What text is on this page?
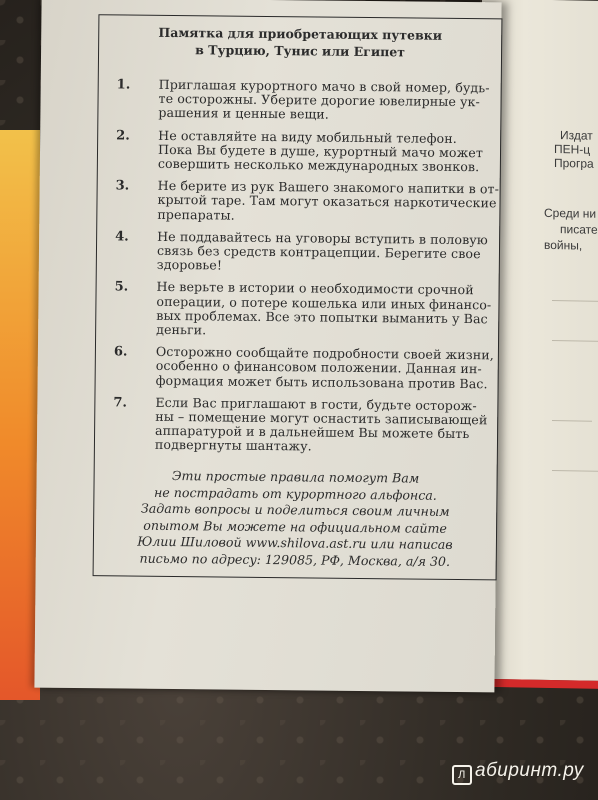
Издат
ПЕН-ц
Програ
Среди ни
писате
войны,
Памятка для приобретающих путевки
в Турцию, Тунис или Египет
1. Приглашая курортного мачо в свой номер, будь-
те осторожны. Уберите дорогие ювелирные ук-
рашения и ценные вещи.
2. Не оставляйте на виду мобильный телефон.
Пока Вы будете в душе, курортный мачо может
совершить несколько международных звонков.
3. Не берите из рук Вашего знакомого напитки в от-
крытой таре. Там могут оказаться наркотические
препараты.
4. Не поддавайтесь на уговоры вступить в половую
связь без средств контрацепции. Берегите свое
здоровье!
5. Не верьте в истории о необходимости срочной
операции, о потере кошелька или иных финансо-
вых проблемах. Все это попытки выманить у Вас
деньги.
6. Осторожно сообщайте подробности своей жизни,
особенно о финансовом положении. Данная ин-
формация может быть использована против Вас.
7. Если Вас приглашают в гости, будьте осторож-
ны – помещение могут оснастить записывающей
аппаратурой и в дальнейшем Вы можете быть
подвергнуты шантажу.
Эти простые правила помогут Вам
не пострадать от курортного альфонса.
Задать вопросы и поделиться своим личным
опытом Вы можете на официальном сайте
Юлии Шиловой www.shilova.ast.ru или написав
письмо по адресу: 129085, РФ, Москва, а/я 30.
Л абиринт.ру
